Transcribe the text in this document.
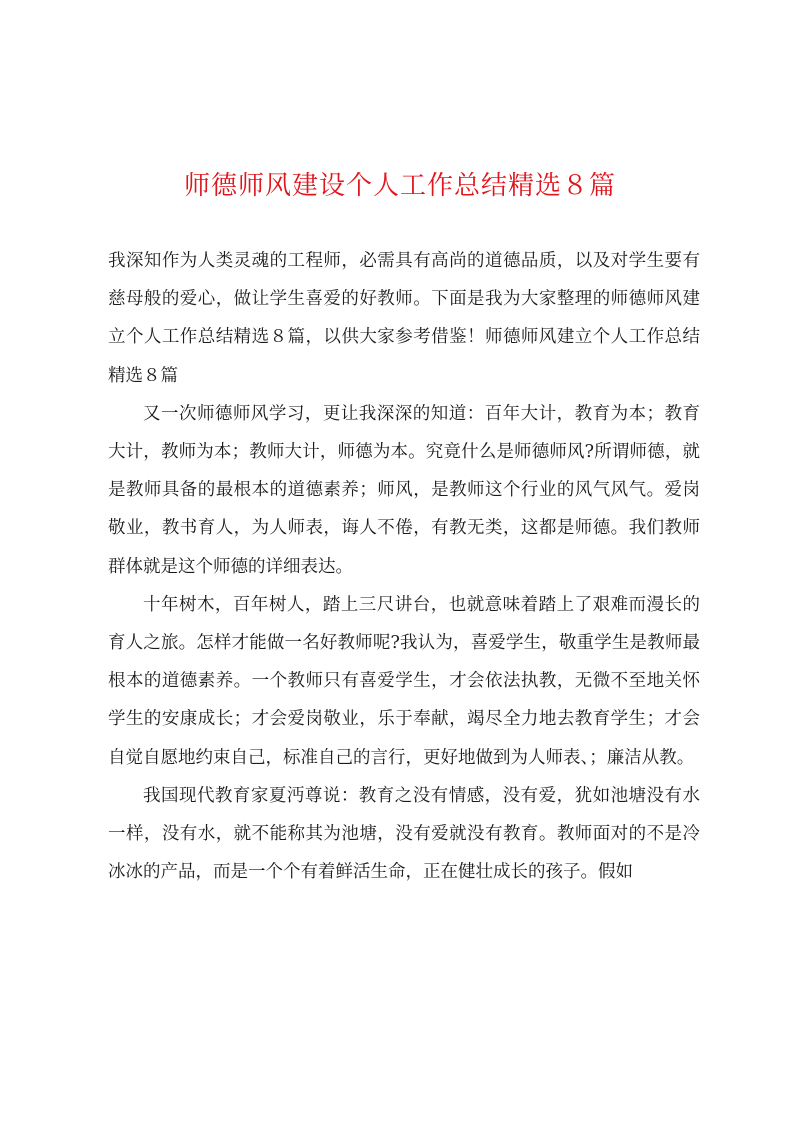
师德师风建设个人工作总结精选８篇

我深知作为人类灵魂的工程师，必需具有高尚的道德品质，以及对学生要有慈母般的爱心，做让学生喜爱的好教师。下面是我为大家整理的师德师风建立个人工作总结精选８篇，以供大家参考借鉴！师德师风建立个人工作总结精选８篇

又一次师德师风学习，更让我深深的知道：百年大计，教育为本；教育大计，教师为本；教师大计，师德为本。究竟什么是师德师风?所谓师德，就是教师具备的最根本的道德素养；师风，是教师这个行业的风气风气。爱岗敬业，教书育人，为人师表，诲人不倦，有教无类，这都是师德。我们教师群体就是这个师德的详细表达。

十年树木，百年树人，踏上三尺讲台，也就意味着踏上了艰难而漫长的育人之旅。怎样才能做一名好教师呢?我认为，喜爱学生，敬重学生是教师最根本的道德素养。一个教师只有喜爱学生，才会依法执教，无微不至地关怀学生的安康成长；才会爱岗敬业，乐于奉献，竭尽全力地去教育学生；才会自觉自愿地约束自己，标准自己的言行，更好地做到为人师表、；廉洁从教。

我国现代教育家夏沔尊说：教育之没有情感，没有爱，犹如池塘没有水一样，没有水，就不能称其为池塘，没有爱就没有教育。教师面对的不是冷冰冰的产品，而是一个个有着鲜活生命，正在健壮成长的孩子。假如
